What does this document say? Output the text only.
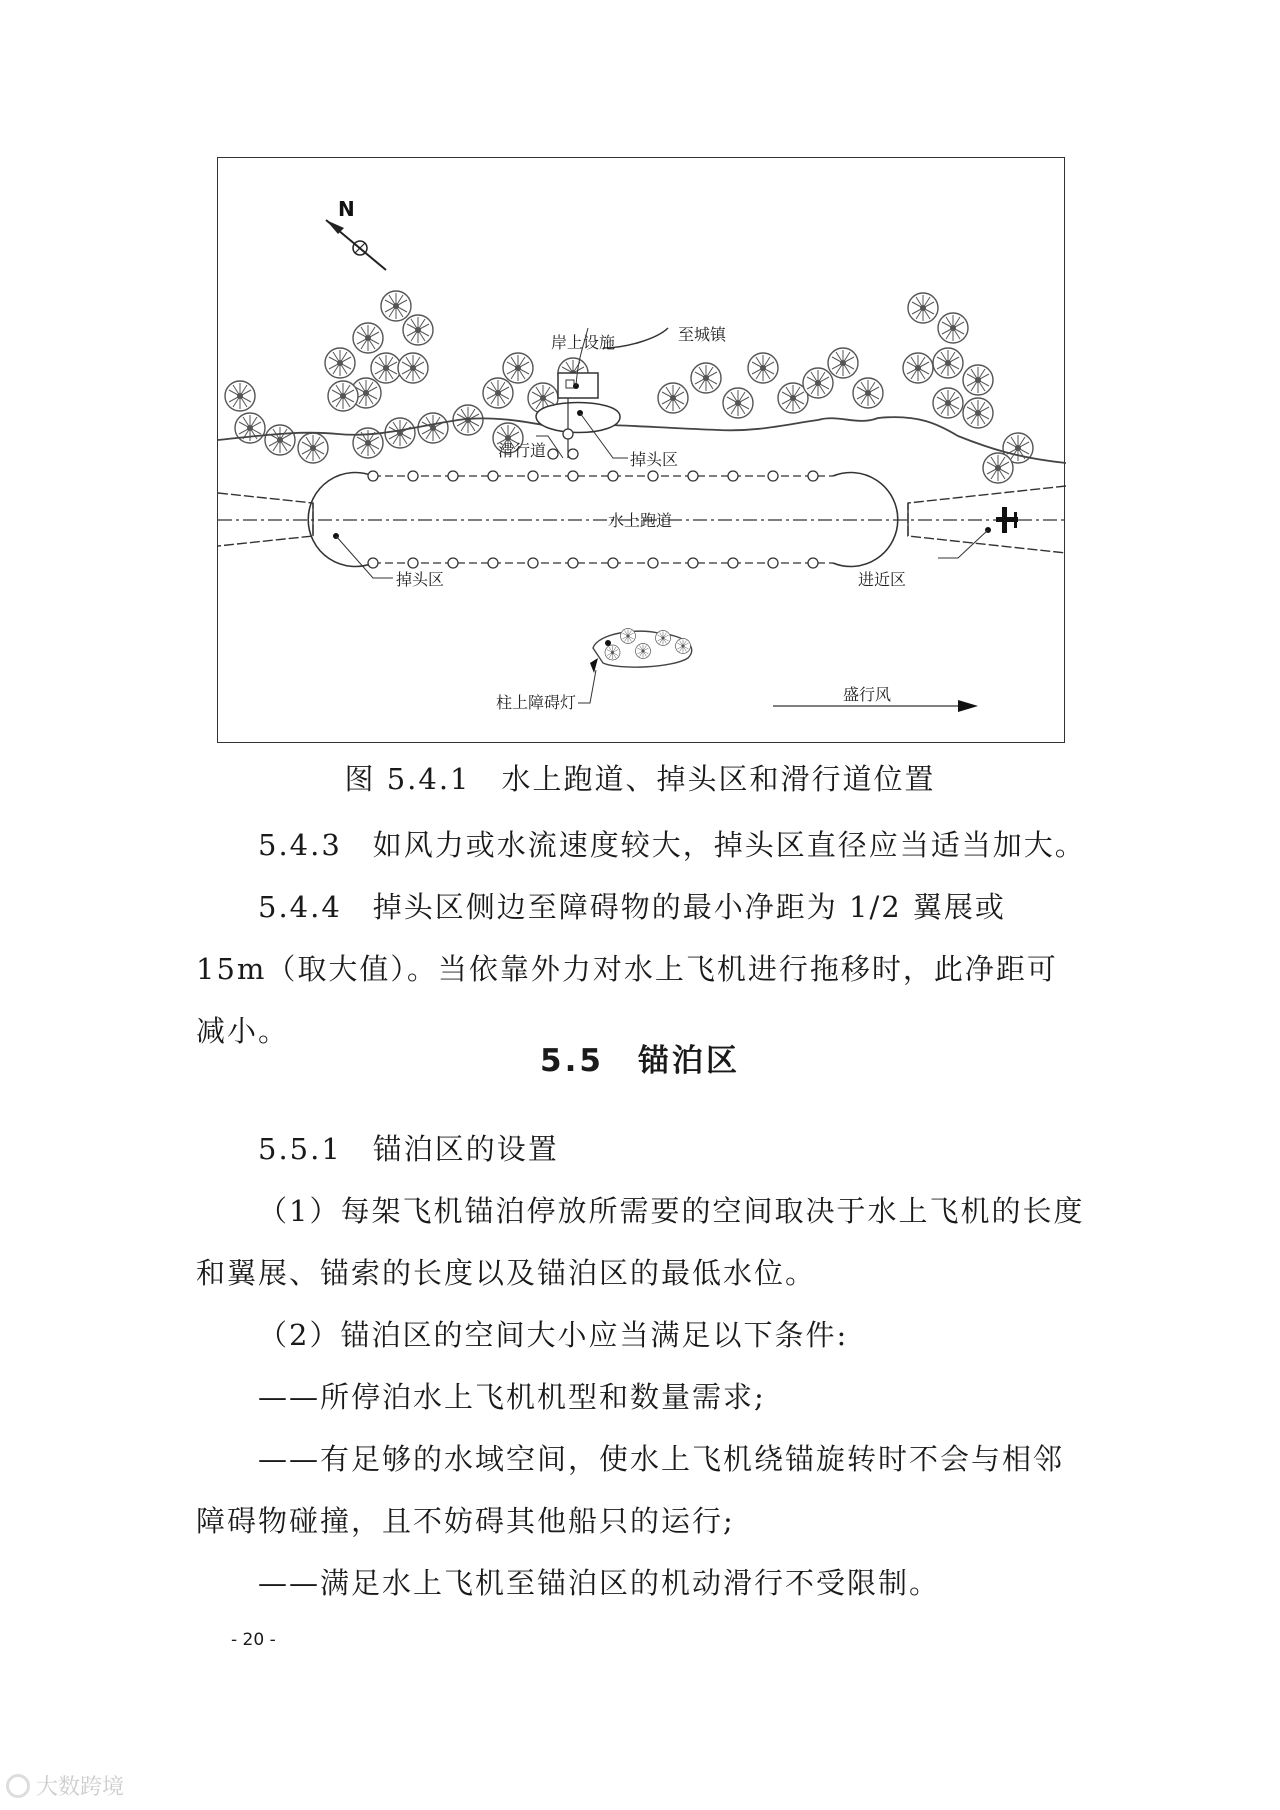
N
岸上设施	至城镇
滑行道	掉头区
水上跑道
掉头区	进近区
柱上障碍灯	盛行风
图 5.4.1　水上跑道、掉头区和滑行道位置
5.4.3　如风力或水流速度较大，掉头区直径应当适当加大。
5.4.4　掉头区侧边至障碍物的最小净距为 1/2 翼展或 15m（取大值）。当依靠外力对水上飞机进行拖移时，此净距可减小。
5.5　锚泊区
5.5.1　锚泊区的设置
（1）每架飞机锚泊停放所需要的空间取决于水上飞机的长度和翼展、锚索的长度以及锚泊区的最低水位。
（2）锚泊区的空间大小应当满足以下条件:
——所停泊水上飞机机型和数量需求;
——有足够的水域空间，使水上飞机绕锚旋转时不会与相邻障碍物碰撞，且不妨碍其他船只的运行;
——满足水上飞机至锚泊区的机动滑行不受限制。
- 20 -
大数跨境
